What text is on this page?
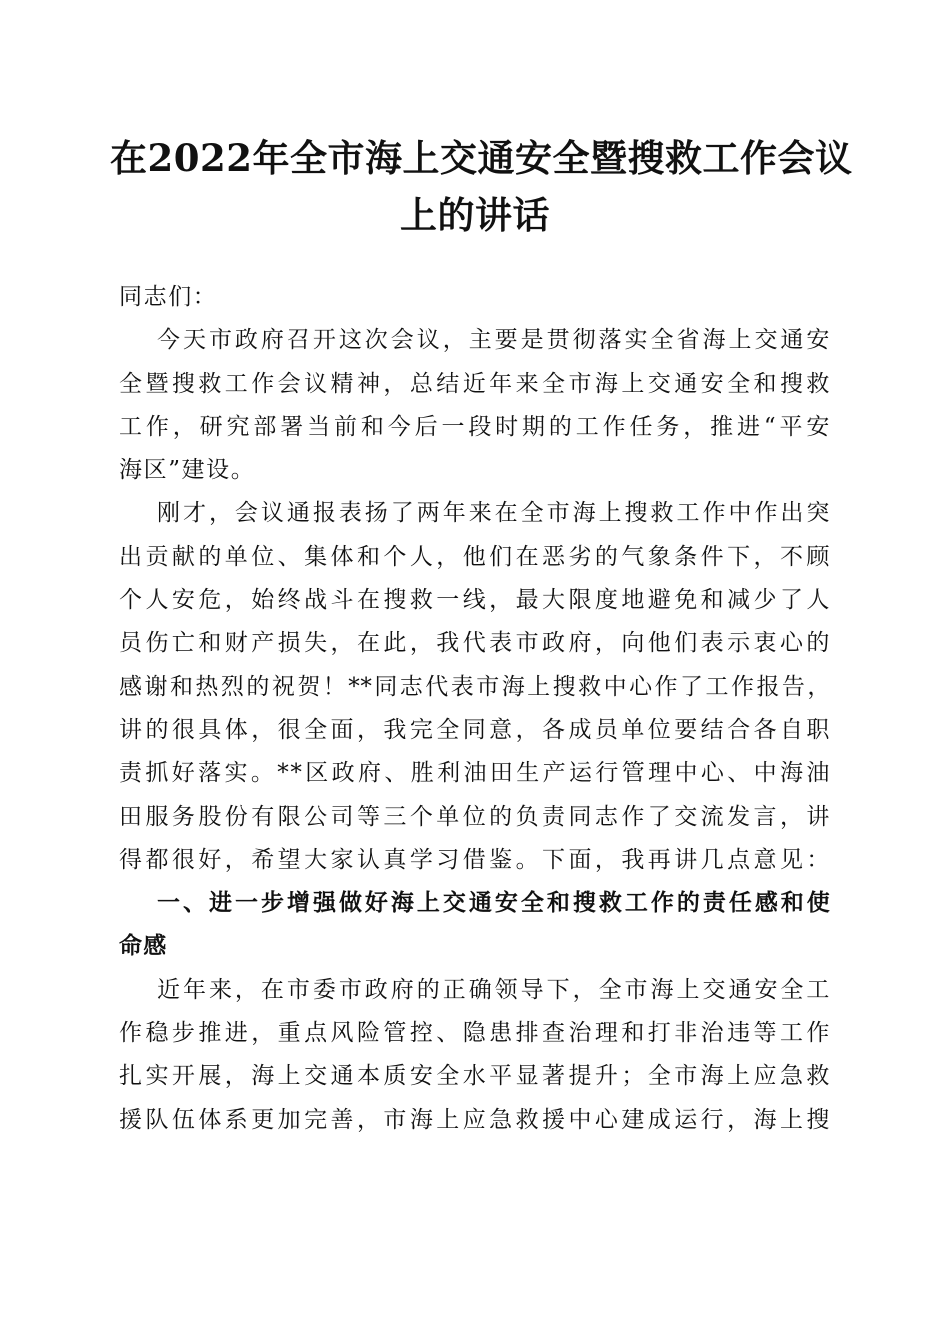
在2022年全市海上交通安全暨搜救工作会议
上的讲话
同志们：
今天市政府召开这次会议，主要是贯彻落实全省海上交通安
全暨搜救工作会议精神，总结近年来全市海上交通安全和搜救
工作，研究部署当前和今后一段时期的工作任务，推进“平安
海区”建设。
刚才，会议通报表扬了两年来在全市海上搜救工作中作出突
出贡献的单位、集体和个人，他们在恶劣的气象条件下，不顾
个人安危，始终战斗在搜救一线，最大限度地避免和减少了人
员伤亡和财产损失，在此，我代表市政府，向他们表示衷心的
感谢和热烈的祝贺！**同志代表市海上搜救中心作了工作报告，
讲的很具体，很全面，我完全同意，各成员单位要结合各自职
责抓好落实。**区政府、胜利油田生产运行管理中心、中海油
田服务股份有限公司等三个单位的负责同志作了交流发言，讲
得都很好，希望大家认真学习借鉴。下面，我再讲几点意见：
一、进一步增强做好海上交通安全和搜救工作的责任感和使
命感
近年来，在市委市政府的正确领导下，全市海上交通安全工
作稳步推进，重点风险管控、隐患排查治理和打非治违等工作
扎实开展，海上交通本质安全水平显著提升；全市海上应急救
援队伍体系更加完善，市海上应急救援中心建成运行，海上搜
